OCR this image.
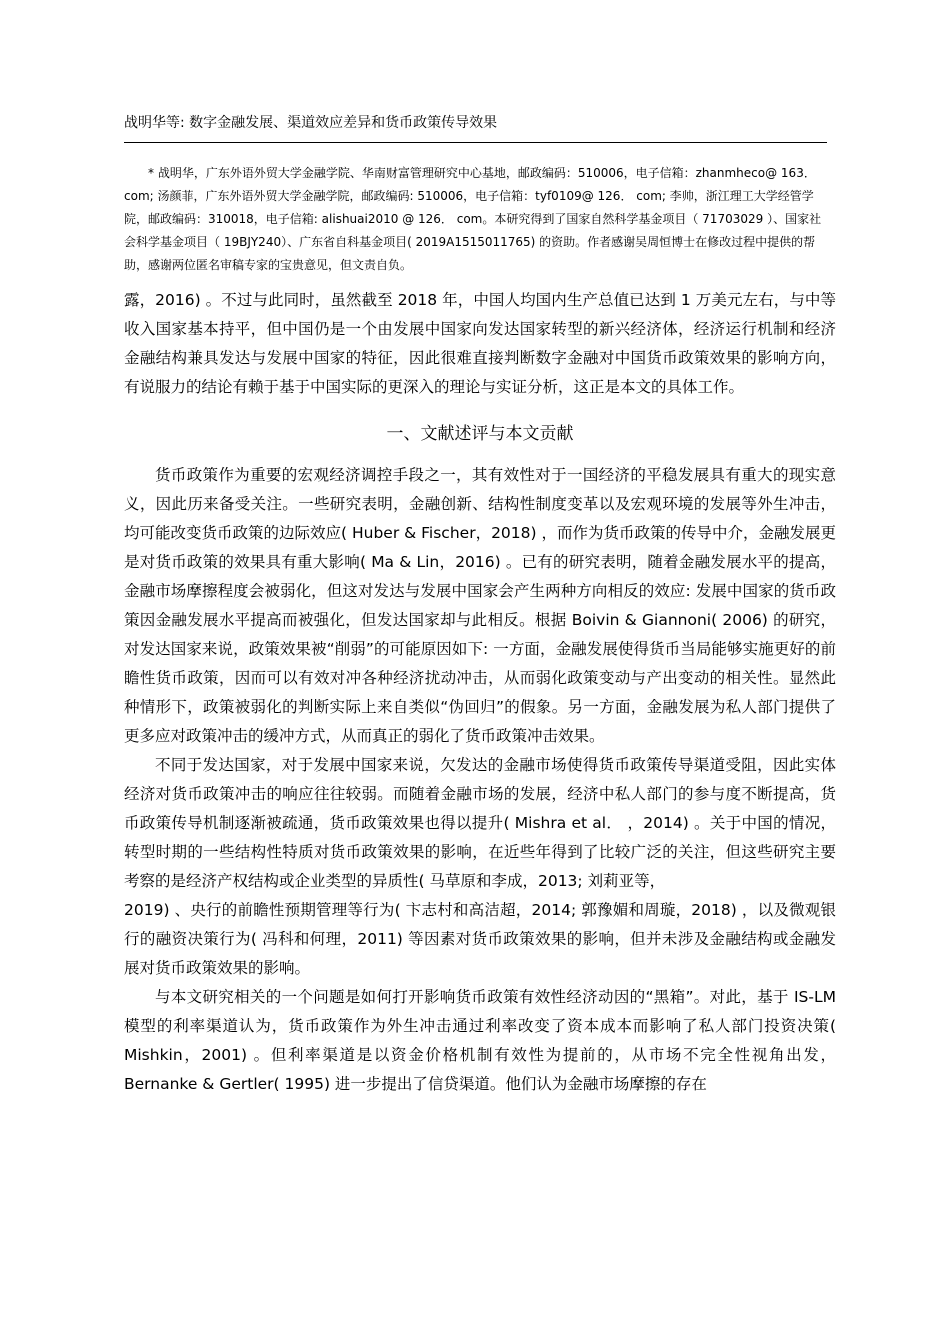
战明华等: 数字金融发展、渠道效应差异和货币政策传导效果

* 战明华，广东外语外贸大学金融学院、华南财富管理研究中心基地，邮政编码：510006，电子信箱：zhanmheco@ 163． com; 汤颜菲，广东外语外贸大学金融学院，邮政编码: 510006，电子信箱：tyf0109@ 126． com; 李帅，浙江理工大学经管学院，邮政编码：310018，电子信箱: alishuai2010 @ 126． com。本研究得到了国家自然科学基金项目（ 71703029 ）、国家社会科学基金项目（ 19BJY240）、广东省自科基金项目( 2019A1515011765) 的资助。作者感谢吴周恒博士在修改过程中提供的帮助，感谢两位匿名审稿专家的宝贵意见，但文责自负。

露，2016) 。不过与此同时，虽然截至 2018 年，中国人均国内生产总值已达到 1 万美元左右，与中等收入国家基本持平，但中国仍是一个由发展中国家向发达国家转型的新兴经济体，经济运行机制和经济金融结构兼具发达与发展中国家的特征，因此很难直接判断数字金融对中国货币政策效果的影响方向，有说服力的结论有赖于基于中国实际的更深入的理论与实证分析，这正是本文的具体工作。

一、文献述评与本文贡献

货币政策作为重要的宏观经济调控手段之一，其有效性对于一国经济的平稳发展具有重大的现实意义，因此历来备受关注。一些研究表明，金融创新、结构性制度变革以及宏观环境的发展等外生冲击，均可能改变货币政策的边际效应( Huber & Fischer，2018) ，而作为货币政策的传导中介，金融发展更是对货币政策的效果具有重大影响( Ma & Lin，2016) 。已有的研究表明，随着金融发展水平的提高，金融市场摩擦程度会被弱化，但这对发达与发展中国家会产生两种方向相反的效应: 发展中国家的货币政策因金融发展水平提高而被强化，但发达国家却与此相反。根据 Boivin & Giannoni( 2006) 的研究，对发达国家来说，政策效果被“削弱”的可能原因如下: 一方面，金融发展使得货币当局能够实施更好的前瞻性货币政策，因而可以有效对冲各种经济扰动冲击，从而弱化政策变动与产出变动的相关性。显然此种情形下，政策被弱化的判断实际上来自类似“伪回归”的假象。另一方面，金融发展为私人部门提供了更多应对政策冲击的缓冲方式，从而真正的弱化了货币政策冲击效果。

不同于发达国家，对于发展中国家来说，欠发达的金融市场使得货币政策传导渠道受阻，因此实体经济对货币政策冲击的响应往往较弱。而随着金融市场的发展，经济中私人部门的参与度不断提高，货币政策传导机制逐渐被疏通，货币政策效果也得以提升( Mishra et al． ，2014) 。关于中国的情况，转型时期的一些结构性特质对货币政策效果的影响，在近些年得到了比较广泛的关注，但这些研究主要考察的是经济产权结构或企业类型的异质性( 马草原和李成，2013; 刘莉亚等，

2019) 、央行的前瞻性预期管理等行为( 卞志村和高洁超，2014; 郭豫媚和周璇，2018) ，以及微观银行的融资决策行为( 冯科和何理，2011) 等因素对货币政策效果的影响，但并未涉及金融结构或金融发展对货币政策效果的影响。

与本文研究相关的一个问题是如何打开影响货币政策有效性经济动因的“黑箱”。对此，基于 IS-LM 模型的利率渠道认为，货币政策作为外生冲击通过利率改变了资本成本而影响了私人部门投资决策( Mishkin，2001) 。但利率渠道是以资金价格机制有效性为提前的，从市场不完全性视角出发，Bernanke & Gertler( 1995) 进一步提出了信贷渠道。他们认为金融市场摩擦的存在
